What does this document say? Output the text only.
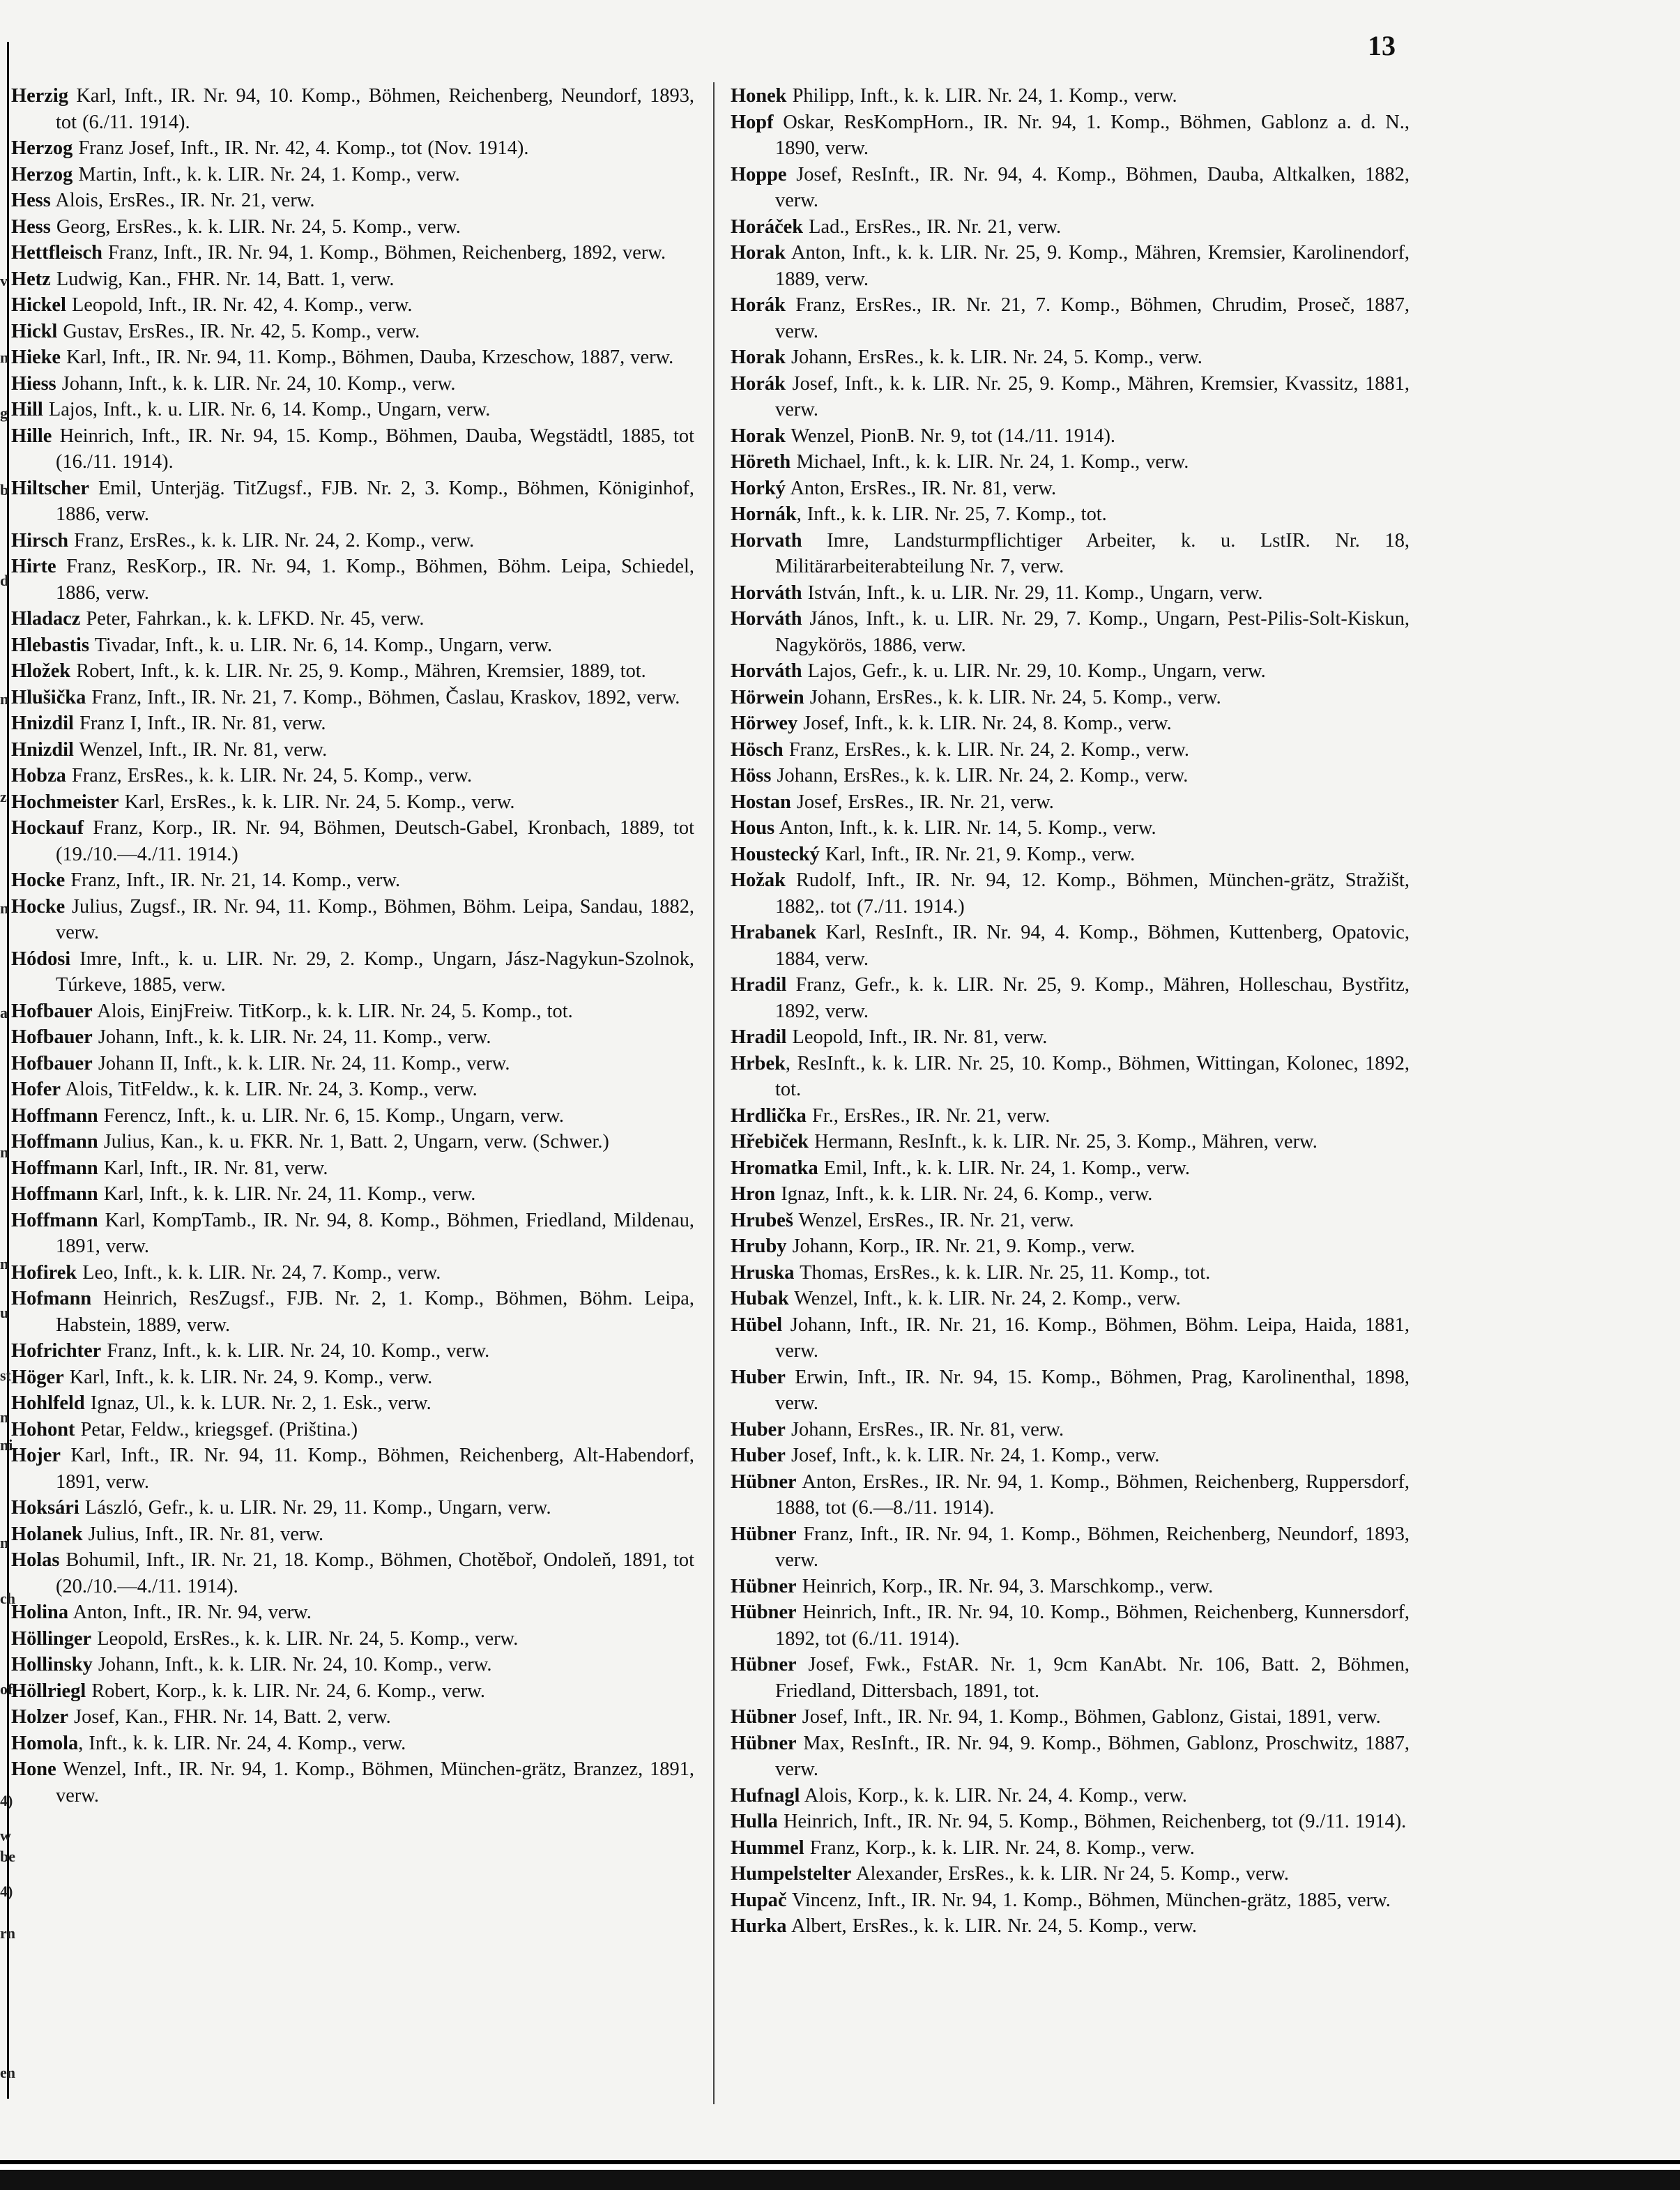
v
n
g
b
d
n
z
n
a
n
n
u
st
n
ni
n
ch
of
4)
w
be
4)
rn
en
13

Herzig Karl, Inft., IR. Nr. 94, 10. Komp., Böhmen, Reichenberg, Neundorf, 1893, tot (6./11. 1914).

Herzog Franz Josef, Inft., IR. Nr. 42, 4. Komp., tot (Nov. 1914).

Herzog Martin, Inft., k. k. LIR. Nr. 24, 1. Komp., verw.

Hess Alois, ErsRes., IR. Nr. 21, verw.

Hess Georg, ErsRes., k. k. LIR. Nr. 24, 5. Komp., verw.

Hettfleisch Franz, Inft., IR. Nr. 94, 1. Komp., Böhmen, Reichenberg, 1892, verw.

Hetz Ludwig, Kan., FHR. Nr. 14, Batt. 1, verw.

Hickel Leopold, Inft., IR. Nr. 42, 4. Komp., verw.

Hickl Gustav, ErsRes., IR. Nr. 42, 5. Komp., verw.

Hieke Karl, Inft., IR. Nr. 94, 11. Komp., Böhmen, Dauba, Krzeschow, 1887, verw.

Hiess Johann, Inft., k. k. LIR. Nr. 24, 10. Komp., verw.

Hill Lajos, Inft., k. u. LIR. Nr. 6, 14. Komp., Ungarn, verw.

Hille Heinrich, Inft., IR. Nr. 94, 15. Komp., Böhmen, Dauba, Wegstädtl, 1885, tot (16./11. 1914).

Hiltscher Emil, Unterjäg. TitZugsf., FJB. Nr. 2, 3. Komp., Böhmen, Königinhof, 1886, verw.

Hirsch Franz, ErsRes., k. k. LIR. Nr. 24, 2. Komp., verw.

Hirte Franz, ResKorp., IR. Nr. 94, 1. Komp., Böhmen, Böhm. Leipa, Schiedel, 1886, verw.

Hladacz Peter, Fahrkan., k. k. LFKD. Nr. 45, verw.

Hlebastis Tivadar, Inft., k. u. LIR. Nr. 6, 14. Komp., Ungarn, verw.

Hložek Robert, Inft., k. k. LIR. Nr. 25, 9. Komp., Mähren, Kremsier, 1889, tot.

Hlušička Franz, Inft., IR. Nr. 21, 7. Komp., Böhmen, Časlau, Kraskov, 1892, verw.

Hnizdil Franz I, Inft., IR. Nr. 81, verw.

Hnizdil Wenzel, Inft., IR. Nr. 81, verw.

Hobza Franz, ErsRes., k. k. LIR. Nr. 24, 5. Komp., verw.

Hochmeister Karl, ErsRes., k. k. LIR. Nr. 24, 5. Komp., verw.

Hockauf Franz, Korp., IR. Nr. 94, Böhmen, Deutsch-Gabel, Kronbach, 1889, tot (19./10.—4./11. 1914.)

Hocke Franz, Inft., IR. Nr. 21, 14. Komp., verw.

Hocke Julius, Zugsf., IR. Nr. 94, 11. Komp., Böhmen, Böhm. Leipa, Sandau, 1882, verw.

Hódosi Imre, Inft., k. u. LIR. Nr. 29, 2. Komp., Ungarn, Jász-Nagykun-Szolnok, Túrkeve, 1885, verw.

Hofbauer Alois, EinjFreiw. TitKorp., k. k. LIR. Nr. 24, 5. Komp., tot.

Hofbauer Johann, Inft., k. k. LIR. Nr. 24, 11. Komp., verw.

Hofbauer Johann II, Inft., k. k. LIR. Nr. 24, 11. Komp., verw.

Hofer Alois, TitFeldw., k. k. LIR. Nr. 24, 3. Komp., verw.

Hoffmann Ferencz, Inft., k. u. LIR. Nr. 6, 15. Komp., Ungarn, verw.

Hoffmann Julius, Kan., k. u. FKR. Nr. 1, Batt. 2, Ungarn, verw. (Schwer.)

Hoffmann Karl, Inft., IR. Nr. 81, verw.

Hoffmann Karl, Inft., k. k. LIR. Nr. 24, 11. Komp., verw.

Hoffmann Karl, KompTamb., IR. Nr. 94, 8. Komp., Böhmen, Friedland, Mildenau, 1891, verw.

Hofirek Leo, Inft., k. k. LIR. Nr. 24, 7. Komp., verw.

Hofmann Heinrich, ResZugsf., FJB. Nr. 2, 1. Komp., Böhmen, Böhm. Leipa, Habstein, 1889, verw.

Hofrichter Franz, Inft., k. k. LIR. Nr. 24, 10. Komp., verw.

Höger Karl, Inft., k. k. LIR. Nr. 24, 9. Komp., verw.

Hohlfeld Ignaz, Ul., k. k. LUR. Nr. 2, 1. Esk., verw.

Hohont Petar, Feldw., kriegsgef. (Priština.)

Hojer Karl, Inft., IR. Nr. 94, 11. Komp., Böhmen, Reichenberg, Alt-Habendorf, 1891, verw.

Hoksári László, Gefr., k. u. LIR. Nr. 29, 11. Komp., Ungarn, verw.

Holanek Julius, Inft., IR. Nr. 81, verw.

Holas Bohumil, Inft., IR. Nr. 21, 18. Komp., Böhmen, Chotěboř, Ondoleň, 1891, tot (20./10.—4./11. 1914).

Holina Anton, Inft., IR. Nr. 94, verw.

Höllinger Leopold, ErsRes., k. k. LIR. Nr. 24, 5. Komp., verw.

Hollinsky Johann, Inft., k. k. LIR. Nr. 24, 10. Komp., verw.

Höllriegl Robert, Korp., k. k. LIR. Nr. 24, 6. Komp., verw.

Holzer Josef, Kan., FHR. Nr. 14, Batt. 2, verw.

Homola, Inft., k. k. LIR. Nr. 24, 4. Komp., verw.

Hone Wenzel, Inft., IR. Nr. 94, 1. Komp., Böhmen, München-grätz, Branzez, 1891, verw.

Honek Philipp, Inft., k. k. LIR. Nr. 24, 1. Komp., verw.

Hopf Oskar, ResKompHorn., IR. Nr. 94, 1. Komp., Böhmen, Gablonz a. d. N., 1890, verw.

Hoppe Josef, ResInft., IR. Nr. 94, 4. Komp., Böhmen, Dauba, Altkalken, 1882, verw.

Horáček Lad., ErsRes., IR. Nr. 21, verw.

Horak Anton, Inft., k. k. LIR. Nr. 25, 9. Komp., Mähren, Kremsier, Karolinendorf, 1889, verw.

Horák Franz, ErsRes., IR. Nr. 21, 7. Komp., Böhmen, Chrudim, Proseč, 1887, verw.

Horak Johann, ErsRes., k. k. LIR. Nr. 24, 5. Komp., verw.

Horák Josef, Inft., k. k. LIR. Nr. 25, 9. Komp., Mähren, Kremsier, Kvassitz, 1881, verw.

Horak Wenzel, PionB. Nr. 9, tot (14./11. 1914).

Höreth Michael, Inft., k. k. LIR. Nr. 24, 1. Komp., verw.

Horký Anton, ErsRes., IR. Nr. 81, verw.

Hornák, Inft., k. k. LIR. Nr. 25, 7. Komp., tot.

Horvath Imre, Landsturmpflichtiger Arbeiter, k. u. LstIR. Nr. 18, Militärarbeiterabteilung Nr. 7, verw.

Horváth István, Inft., k. u. LIR. Nr. 29, 11. Komp., Ungarn, verw.

Horváth János, Inft., k. u. LIR. Nr. 29, 7. Komp., Ungarn, Pest-Pilis-Solt-Kiskun, Nagykörös, 1886, verw.

Horváth Lajos, Gefr., k. u. LIR. Nr. 29, 10. Komp., Ungarn, verw.

Hörwein Johann, ErsRes., k. k. LIR. Nr. 24, 5. Komp., verw.

Hörwey Josef, Inft., k. k. LIR. Nr. 24, 8. Komp., verw.

Hösch Franz, ErsRes., k. k. LIR. Nr. 24, 2. Komp., verw.

Höss Johann, ErsRes., k. k. LIR. Nr. 24, 2. Komp., verw.

Hostan Josef, ErsRes., IR. Nr. 21, verw.

Hous Anton, Inft., k. k. LIR. Nr. 14, 5. Komp., verw.

Houstecký Karl, Inft., IR. Nr. 21, 9. Komp., verw.

Hožak Rudolf, Inft., IR. Nr. 94, 12. Komp., Böhmen, München-grätz, Stražišt, 1882,. tot (7./11. 1914.)

Hrabanek Karl, ResInft., IR. Nr. 94, 4. Komp., Böhmen, Kuttenberg, Opatovic, 1884, verw.

Hradil Franz, Gefr., k. k. LIR. Nr. 25, 9. Komp., Mähren, Holleschau, Bystřitz, 1892, verw.

Hradil Leopold, Inft., IR. Nr. 81, verw.

Hrbek, ResInft., k. k. LIR. Nr. 25, 10. Komp., Böhmen, Wittingan, Kolonec, 1892, tot.

Hrdlička Fr., ErsRes., IR. Nr. 21, verw.

Hřebiček Hermann, ResInft., k. k. LIR. Nr. 25, 3. Komp., Mähren, verw.

Hromatka Emil, Inft., k. k. LIR. Nr. 24, 1. Komp., verw.

Hron Ignaz, Inft., k. k. LIR. Nr. 24, 6. Komp., verw.

Hrubeš Wenzel, ErsRes., IR. Nr. 21, verw.

Hruby Johann, Korp., IR. Nr. 21, 9. Komp., verw.

Hruska Thomas, ErsRes., k. k. LIR. Nr. 25, 11. Komp., tot.

Hubak Wenzel, Inft., k. k. LIR. Nr. 24, 2. Komp., verw.

Hübel Johann, Inft., IR. Nr. 21, 16. Komp., Böhmen, Böhm. Leipa, Haida, 1881, verw.

Huber Erwin, Inft., IR. Nr. 94, 15. Komp., Böhmen, Prag, Karolinenthal, 1898, verw.

Huber Johann, ErsRes., IR. Nr. 81, verw.

Huber Josef, Inft., k. k. LIR. Nr. 24, 1. Komp., verw.

Hübner Anton, ErsRes., IR. Nr. 94, 1. Komp., Böhmen, Reichenberg, Ruppersdorf, 1888, tot (6.—8./11. 1914).

Hübner Franz, Inft., IR. Nr. 94, 1. Komp., Böhmen, Reichenberg, Neundorf, 1893, verw.

Hübner Heinrich, Korp., IR. Nr. 94, 3. Marschkomp., verw.

Hübner Heinrich, Inft., IR. Nr. 94, 10. Komp., Böhmen, Reichenberg, Kunnersdorf, 1892, tot (6./11. 1914).

Hübner Josef, Fwk., FstAR. Nr. 1, 9cm KanAbt. Nr. 106, Batt. 2, Böhmen, Friedland, Dittersbach, 1891, tot.

Hübner Josef, Inft., IR. Nr. 94, 1. Komp., Böhmen, Gablonz, Gistai, 1891, verw.

Hübner Max, ResInft., IR. Nr. 94, 9. Komp., Böhmen, Gablonz, Proschwitz, 1887, verw.

Hufnagl Alois, Korp., k. k. LIR. Nr. 24, 4. Komp., verw.

Hulla Heinrich, Inft., IR. Nr. 94, 5. Komp., Böhmen, Reichenberg, tot (9./11. 1914).

Hummel Franz, Korp., k. k. LIR. Nr. 24, 8. Komp., verw.

Humpelstelter Alexander, ErsRes., k. k. LIR. Nr 24, 5. Komp., verw.

Hupač Vincenz, Inft., IR. Nr. 94, 1. Komp., Böhmen, München-grätz, 1885, verw.

Hurka Albert, ErsRes., k. k. LIR. Nr. 24, 5. Komp., verw.
